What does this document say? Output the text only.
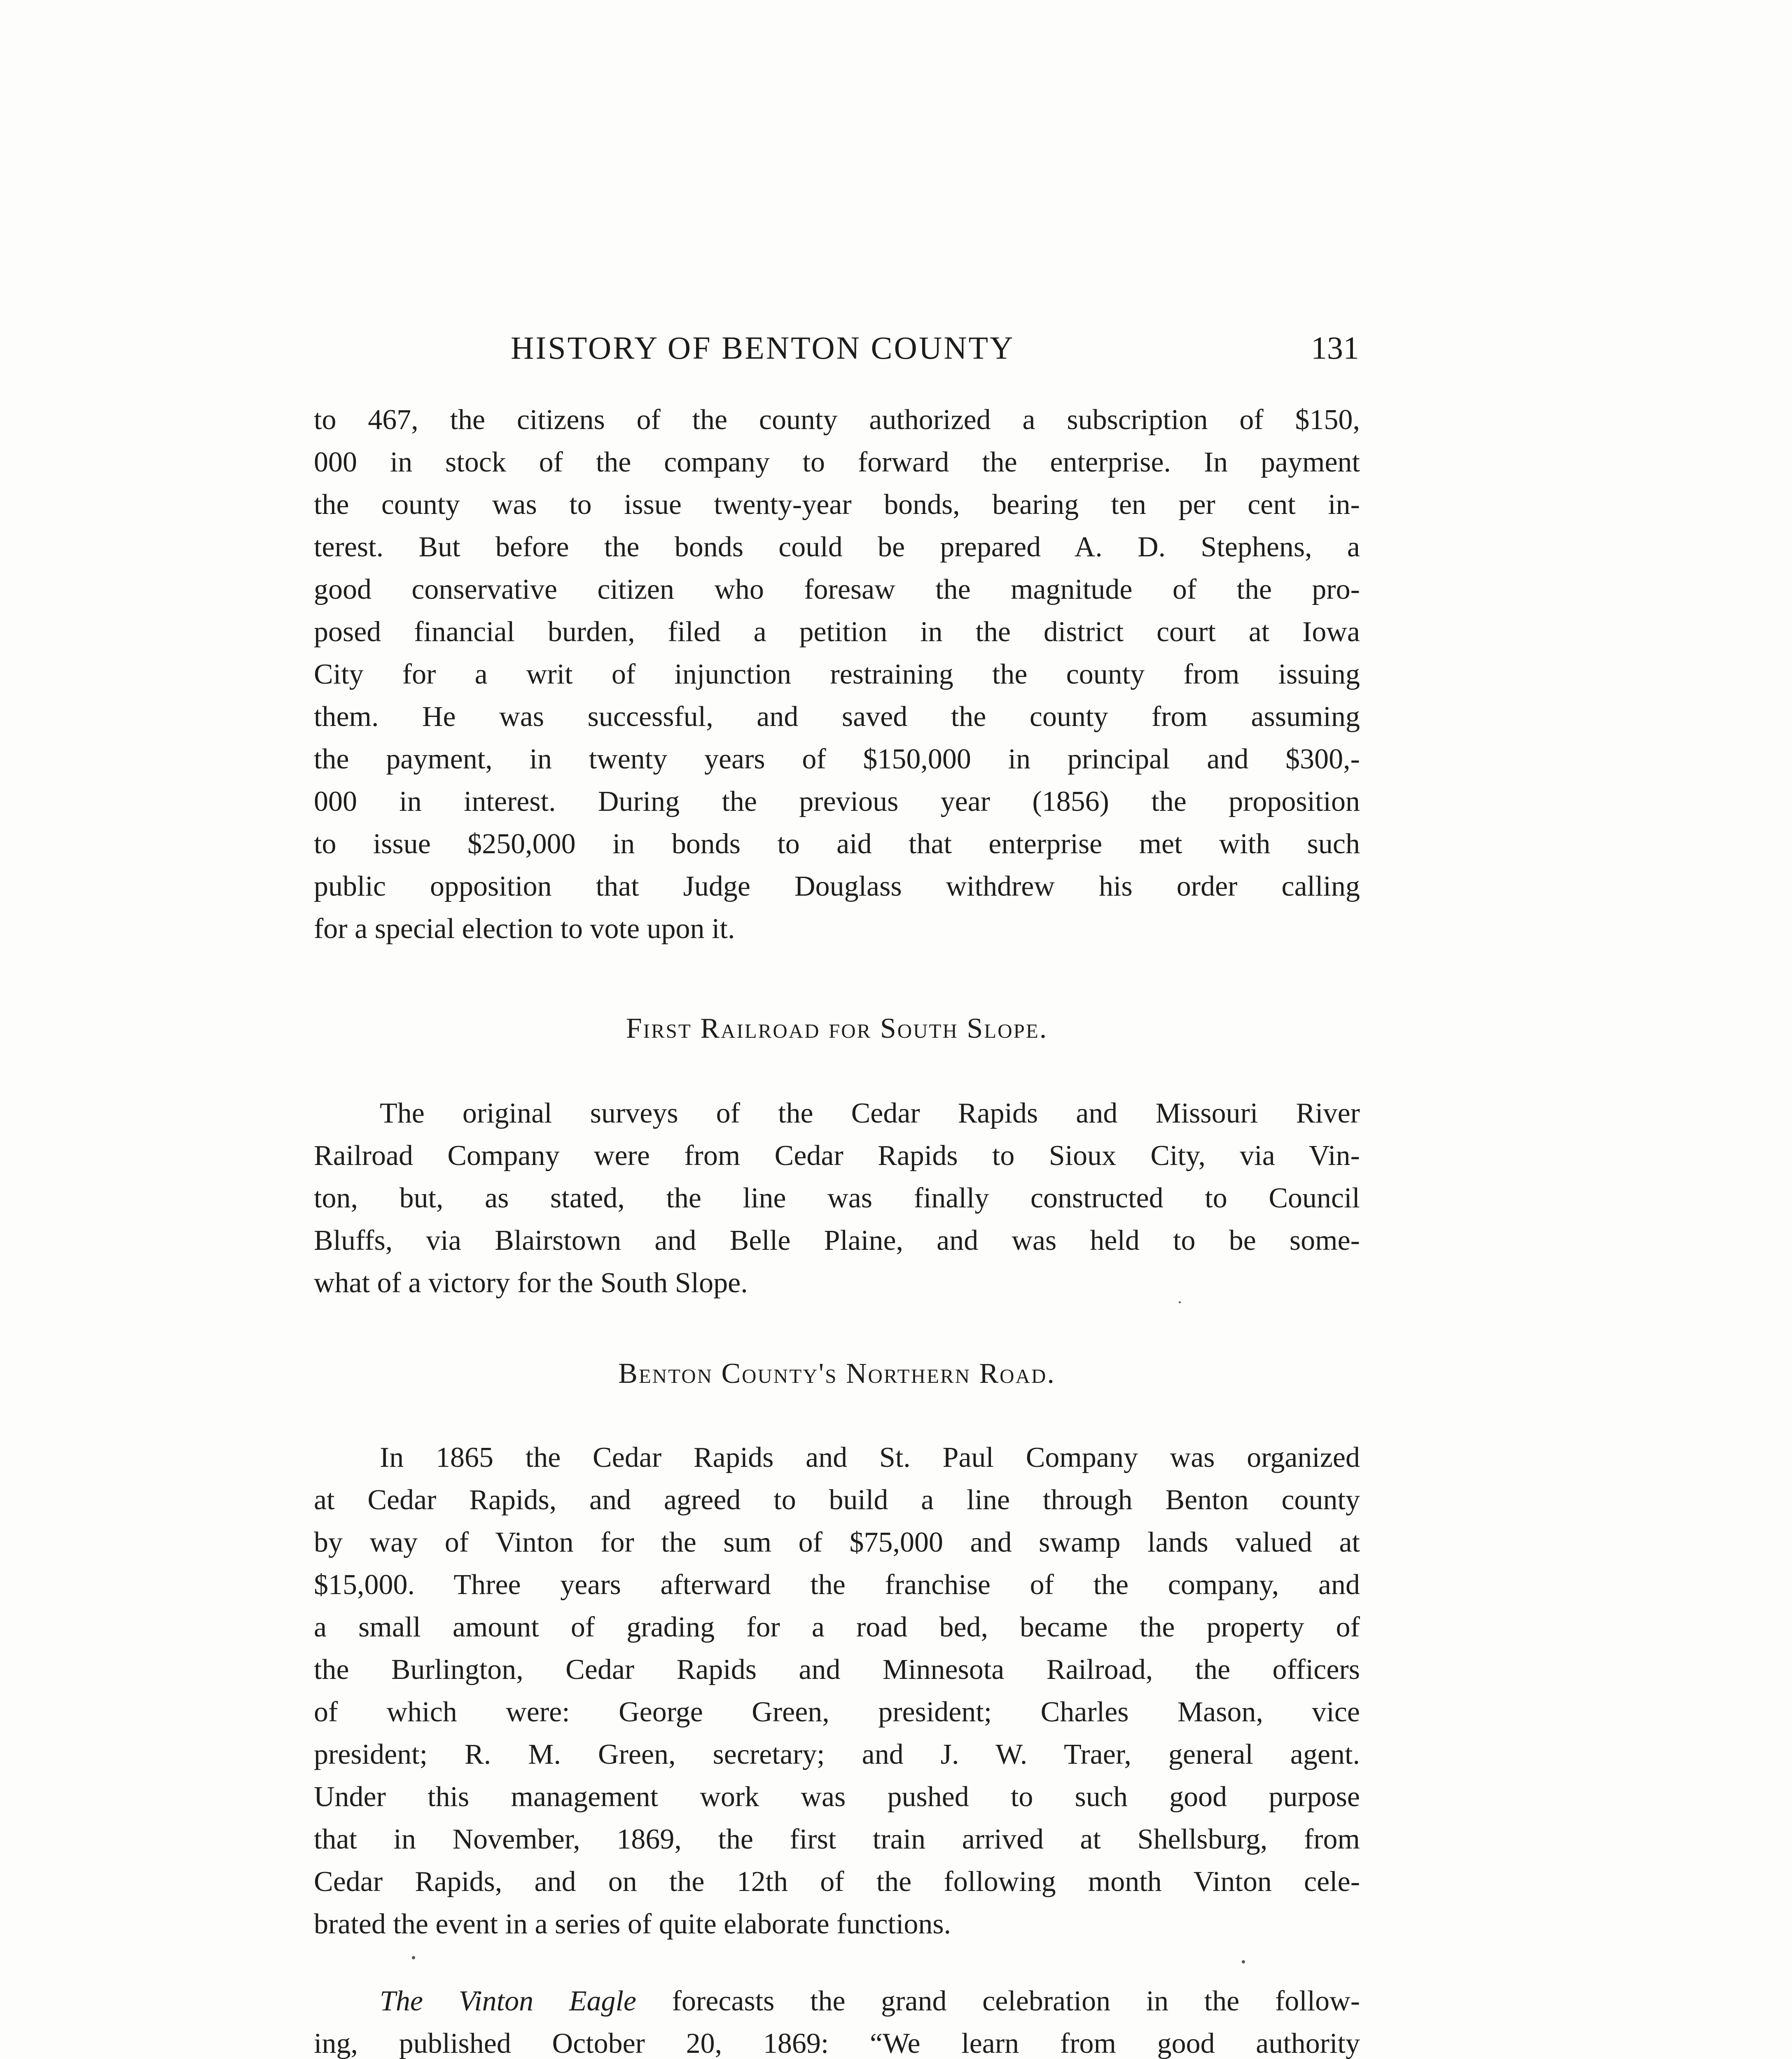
HISTORY OF BENTON COUNTY	131
to 467, the citizens of the county authorized a subscription of $150,
000 in stock of the company to forward the enterprise. In payment
the county was to issue twenty-year bonds, bearing ten per cent in-
terest. But before the bonds could be prepared A. D. Stephens, a
good conservative citizen who foresaw the magnitude of the pro-
posed financial burden, filed a petition in the district court at Iowa
City for a writ of injunction restraining the county from issuing
them. He was successful, and saved the county from assuming
the payment, in twenty years of $150,000 in principal and $300,-
000 in interest. During the previous year (1856) the proposition
to issue $250,000 in bonds to aid that enterprise met with such
public opposition that Judge Douglass withdrew his order calling
for a special election to vote upon it.
First Railroad for South Slope.
The original surveys of the Cedar Rapids and Missouri River
Railroad Company were from Cedar Rapids to Sioux City, via Vin-
ton, but, as stated, the line was finally constructed to Council
Bluffs, via Blairstown and Belle Plaine, and was held to be some-
what of a victory for the South Slope.
Benton County's Northern Road.
In 1865 the Cedar Rapids and St. Paul Company was organized
at Cedar Rapids, and agreed to build a line through Benton county
by way of Vinton for the sum of $75,000 and swamp lands valued at
$15,000. Three years afterward the franchise of the company, and
a small amount of grading for a road bed, became the property of
the Burlington, Cedar Rapids and Minnesota Railroad, the officers
of which were: George Green, president; Charles Mason, vice
president; R. M. Green, secretary; and J. W. Traer, general agent.
Under this management work was pushed to such good purpose
that in November, 1869, the first train arrived at Shellsburg, from
Cedar Rapids, and on the 12th of the following month Vinton cele-
brated the event in a series of quite elaborate functions.
The Vinton Eagle forecasts the grand celebration in the follow-
ing, published October 20, 1869: “We learn from good authority
